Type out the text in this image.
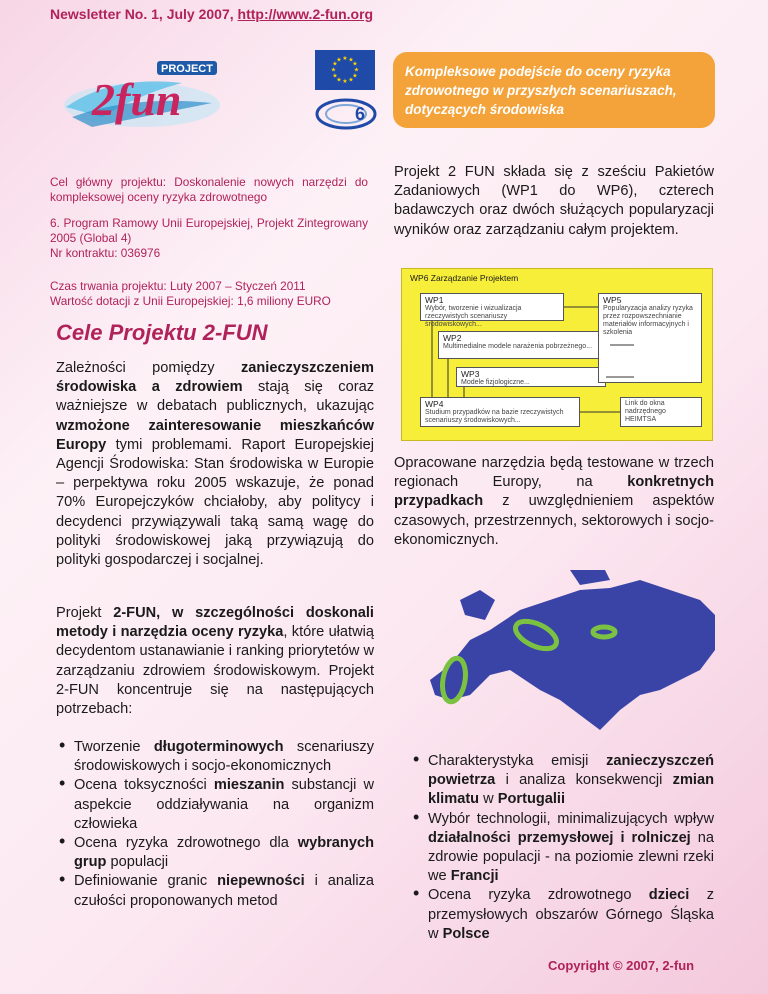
Newsletter No. 1, July 2007, http://www.2-fun.org
PROJECT
2fun
★ ★
★
★
★
★
★
★
★
★
★
★
6
Kompleksowe podejście do oceny ryzyka zdrowotnego w przyszłych scenariuszach, dotyczących środowiska

Cel główny projektu: Doskonalenie nowych narzędzi do kompleksowej oceny ryzyka zdrowotnego

6. Program Ramowy Unii Europejskiej, Projekt Zintegrowany 2005 (Global 4)
Nr kontraktu: 036976

Czas trwania projektu: Luty 2007 – Styczeń 2011
Wartość dotacji z Unii Europejskiej: 1,6 miliony EURO

Cele Projektu 2-FUN
Zależności pomiędzy zanieczyszczeniem środowiska a zdrowiem stają się coraz ważniejsze w debatach publicznych, ukazując wzmożone zainteresowanie mieszkańców Europy tymi problemami. Raport Europejskiej Agencji Środowiska: Stan środowiska w Europie – perpektywa roku 2005 wskazuje, że ponad 70% Europejczyków chciałoby, aby politycy i decydenci przywiązywali taką samą wagę do polityki środowiskowej jaką przywiązują do polityki gospodarczej i socjalnej.
Projekt 2-FUN, w szczególności doskonali metody i narzędzia oceny ryzyka, które ułatwią decydentom ustanawianie i ranking priorytetów w zarządzaniu zdrowiem środowiskowym. Projekt 2-FUN koncentruje się na następujących potrzebach:
• Tworzenie długoterminowych scenariuszy środowiskowych i socjo-ekonomicznych
• Ocena toksyczności mieszanin substancji w aspekcie oddziaływania na organizm człowieka
• Ocena ryzyka zdrowotnego dla wybranych grup populacji
• Definiowanie granic niepewności i analiza czułości proponowanych metod
Projekt 2 FUN składa się z sześciu Pakietów Zadaniowych (WP1 do WP6), czterech badawczych oraz dwóch służących popularyzacji wyników oraz zarządzaniu całym projektem.
WP6 Zarządzanie Projektem
WP1
Wybór, tworzenie i wizualizacja rzeczywistych scenariuszy środowiskowych...
WP2
Multimedialne modele narażenia pobrzeżnego...
WP3
Modele fizjologiczne...
WP4
Studium przypadków na bazie rzeczywistych scenariuszy środowiskowych...
WP5
Popularyzacja analizy ryzyka przez rozpowszechnianie materiałów informacyjnych i szkolenia
Link do okna nadrzędnego HEIMTSA
Opracowane narzędzia będą testowane w trzech regionach Europy, na konkretnych przypadkach z uwzględnieniem aspektów czasowych, przestrzennych, sektorowych i socjo-ekonomicznych.
• Charakterystyka emisji zanieczyszczeń powietrza i analiza konsekwencji zmian klimatu w Portugalii
• Wybór technologii, minimalizujących wpływ działalności przemysłowej i rolniczej na zdrowie populacji - na poziomie zlewni rzeki we Francji
• Ocena ryzyka zdrowotnego dzieci z przemysłowych obszarów Górnego Śląska w Polsce
Copyright © 2007, 2-fun
